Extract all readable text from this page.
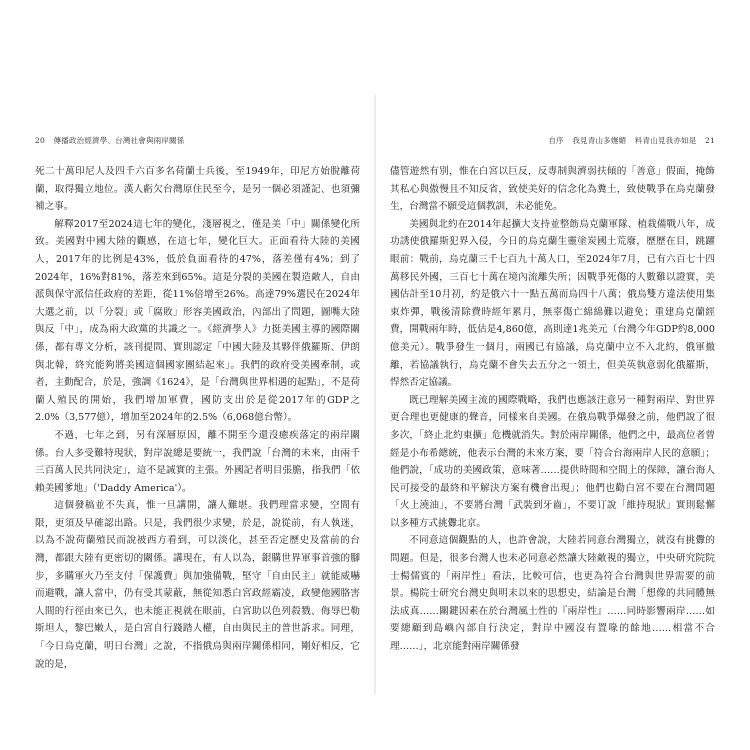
20 傳播政治經濟學、台灣社會與兩岸關係

死二十萬印尼人及四千六百多名荷蘭士兵後，至1949年，印尼方始脫離荷蘭，取得獨立地位。漢人虧欠台灣原住民至今，是另一個必須謹記、也須彌補之事。

解釋2017至2024這七年的變化，淺層視之，僅是美「中」關係變化所致。美國對中國大陸的觀感，在這七年，變化巨大。正面看待大陸的美國人，2017年的比例是43%，低於負面看待的47%，落差僅有4%；到了2024年，16%對81%，落差來到65%。這是分裂的美國在製造敵人，自由派與保守派信任政府的差距，從11%倍增至26%。高達79%選民在2024年大選之前，以「分裂」或「腐敗」形容美國政治，內部出了問題，圖嘴大陸與反「中」，成為兩大政黨的共識之一。《經濟學人》力挺美國主導的國際關係，都有專文分析，該刊提問、實則認定「中國大陸及其夥伴俄羅斯、伊朗與北韓，終究能夠將美國這個國家團結起來」。我們的政府受美國牽制，或者，主動配合，於是，強調《1624》，是「台灣與世界相遇的起點」，不是荷蘭人殖民的開始，我們增加軍費，國防支出於是從2017年的GDP之2.0%（3,577億），增加至2024年的2.5%（6,068億台幣）。

不過，七年之到，另有深層原因，離不開至今還沒癒疾落定的兩岸關係。台人多受難特現狀，對岸說總是要統一，我們說「台灣的未來，由兩千三百萬人民共同決定」，這不是誠實的主張。外國記者明目張膽，指我們「依賴美國爹地」（'Daddy America'）。

這個發稿並不失真，惟一旦講開，讓人難堪。我們理當求變，空間有限，更須及早確認出路。只是，我們很少求變，於是，說從前，有人執迷，以為不說荷蘭殖民而說被西方看到，可以淡化，甚至否定歷史及當前的台灣，都跟大陸有更密切的關係。講現在，有人以為，銀購世界軍事首強的腳步，多購軍火乃至支付「保護費」與加強備戰，堅守「自由民主」就能威嚇而避戰，讓人當中，仍有受其蒙蔽，無從知悉白宮政經霸凌，政變他國胳害人間的行徑由來已久，也未能正視就在眼前，白宮助以色列殺戮、侮辱巴勒斯坦人，黎巴嫩人，是白宮自行踐踏人權，自由與民主的普世訴求。同理，「今日烏克蘭，明日台灣」之說，不指俄烏與兩岸關係相同，剛好相反，它說的是，

自序 我見青山多嫵媚 料青山見我亦如是 21

儘管遊然有別，惟在白宮以巨反，反專制與濟弱扶傾的「善意」假面，掩飾其私心與傲慢且不知反省，致使美好的信念化為糞土，致使戰爭在烏克蘭發生，台灣當不願受這個教訓，未必能免。

美國與北約在2014年起擴大支持並整飭烏克蘭軍隊、植栽備戰八年，成功誘使俄羅斯犯界入侵，今日的烏克蘭生靈塗炭國土荒廢，歷歷在目，跳躍眼前：戰前，烏克蘭三千七百九十萬人口，至2024年7月，已有六百七十四萬移民外國，三百七十萬在境內流離失所；因戰爭死傷的人數難以證實，美國估計至10月初，約是俄六十一點五萬而烏四十八萬；俄烏雙方違法使用集束炸彈，戰後清除費時經年累月，無辜傷亡綿綿難以避免；重建烏克蘭經費，開戰兩年時，低估是4,860億，高則達1兆美元（台灣今年GDP約8,000億美元）。戰爭發生一個月，兩國已有協議，烏克蘭中立不入北約，俄軍撤離，若協議執行，烏克蘭不會失去五分之一領土，但美英執意弱化俄羅斯，悍然否定協議。

既已理解美國主流的國際戰略，我們也應該注意另一種對兩岸、對世界更合理也更健康的聲音，同樣來自美國。在俄烏戰爭爆發之前，他們說了很多次，「終止北約東擴」危機就消失。對於兩岸關係，他們之中，最高位者曾經是小布希總統，他表示台灣的未來方案，要「符合台海兩岸人民的意願」；他們說，「成功的美國政策，意味著……提供時間和空間上的保障，讓台海人民可接受的最終和平解決方案有機會出現」；他們也勸白宮不要在台灣問題「火上澆油」，不要將台灣「武裝到牙齒」，不要订說「維持現狀」實則鬆懈以多種方式挑釁北京。

不同意這個觀點的人，也許會說，大陸若同意台灣獨立，就沒有挑釁的問題。但是，很多台灣人也未必同意必然讓大陸敵視的獨立，中央研究院院士楊儒賓的「兩岸性」看法，比較可信，也更為符合台灣與世界需要的前景。楊院士研究台灣史與明末以來的思想史，結論是台灣「想像的共同體無法成真……關鍵因素在於台灣風土性的『兩岸性』……同時影響兩岸……如要總顧到島嶼內部自行決定，對岸中國沒有置喙的餘地……相當不合理……」，北京能對兩岸關係發
